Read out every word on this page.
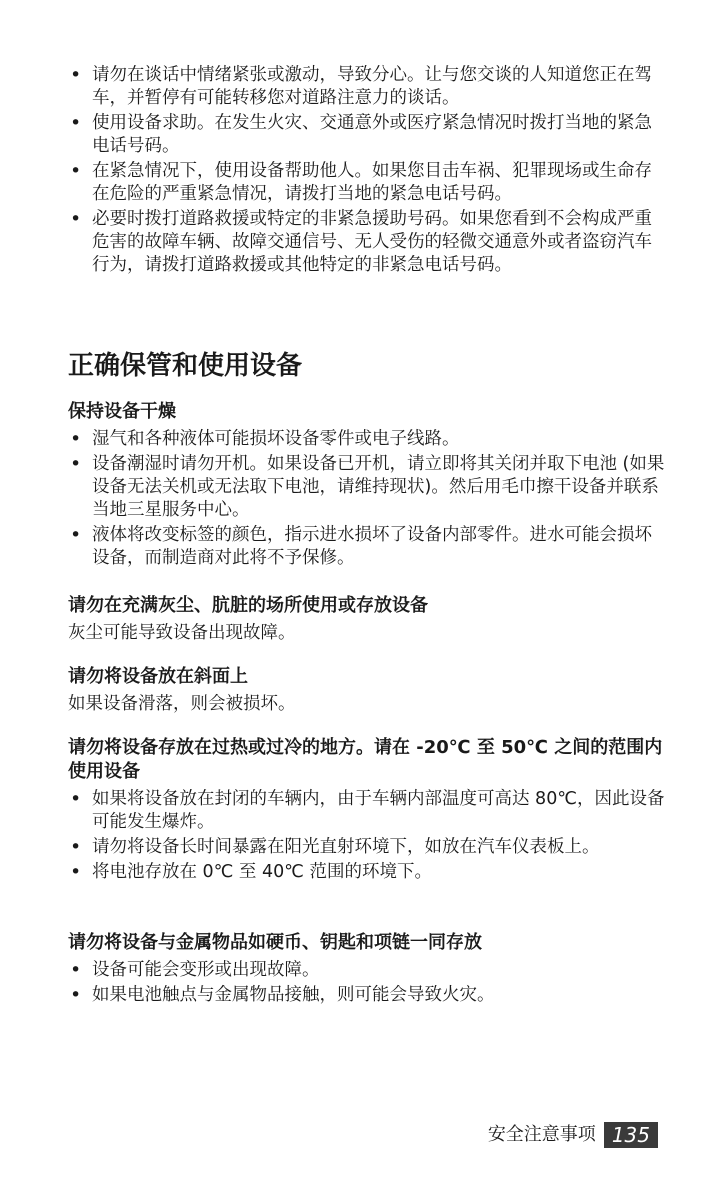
• 请勿在谈话中情绪紧张或激动，导致分心。让与您交谈的人知道您正在驾车，并暂停有可能转移您对道路注意力的谈话。
• 使用设备求助。在发生火灾、交通意外或医疗紧急情况时拨打当地的紧急电话号码。
• 在紧急情况下，使用设备帮助他人。如果您目击车祸、犯罪现场或生命存在危险的严重紧急情况，请拨打当地的紧急电话号码。
• 必要时拨打道路救援或特定的非紧急援助号码。如果您看到不会构成严重危害的故障车辆、故障交通信号、无人受伤的轻微交通意外或者盗窃汽车行为，请拨打道路救援或其他特定的非紧急电话号码。
正确保管和使用设备
保持设备干燥
• 湿气和各种液体可能损坏设备零件或电子线路。
• 设备潮湿时请勿开机。如果设备已开机，请立即将其关闭并取下电池 (如果设备无法关机或无法取下电池，请维持现状)。然后用毛巾擦干设备并联系当地三星服务中心。
• 液体将改变标签的颜色，指示进水损坏了设备内部零件。进水可能会损坏设备，而制造商对此将不予保修。
请勿在充满灰尘、肮脏的场所使用或存放设备

灰尘可能导致设备出现故障。

请勿将设备放在斜面上

如果设备滑落，则会被损坏。

请勿将设备存放在过热或过冷的地方。请在 -20℃ 至 50℃ 之间的范围内使用设备
• 如果将设备放在封闭的车辆内，由于车辆内部温度可高达 80℃，因此设备可能发生爆炸。
• 请勿将设备长时间暴露在阳光直射环境下，如放在汽车仪表板上。
• 将电池存放在 0℃ 至 40℃ 范围的环境下。
请勿将设备与金属物品如硬币、钥匙和项链一同存放
• 设备可能会变形或出现故障。
• 如果电池触点与金属物品接触，则可能会导致火灾。
安全注意事项 135
